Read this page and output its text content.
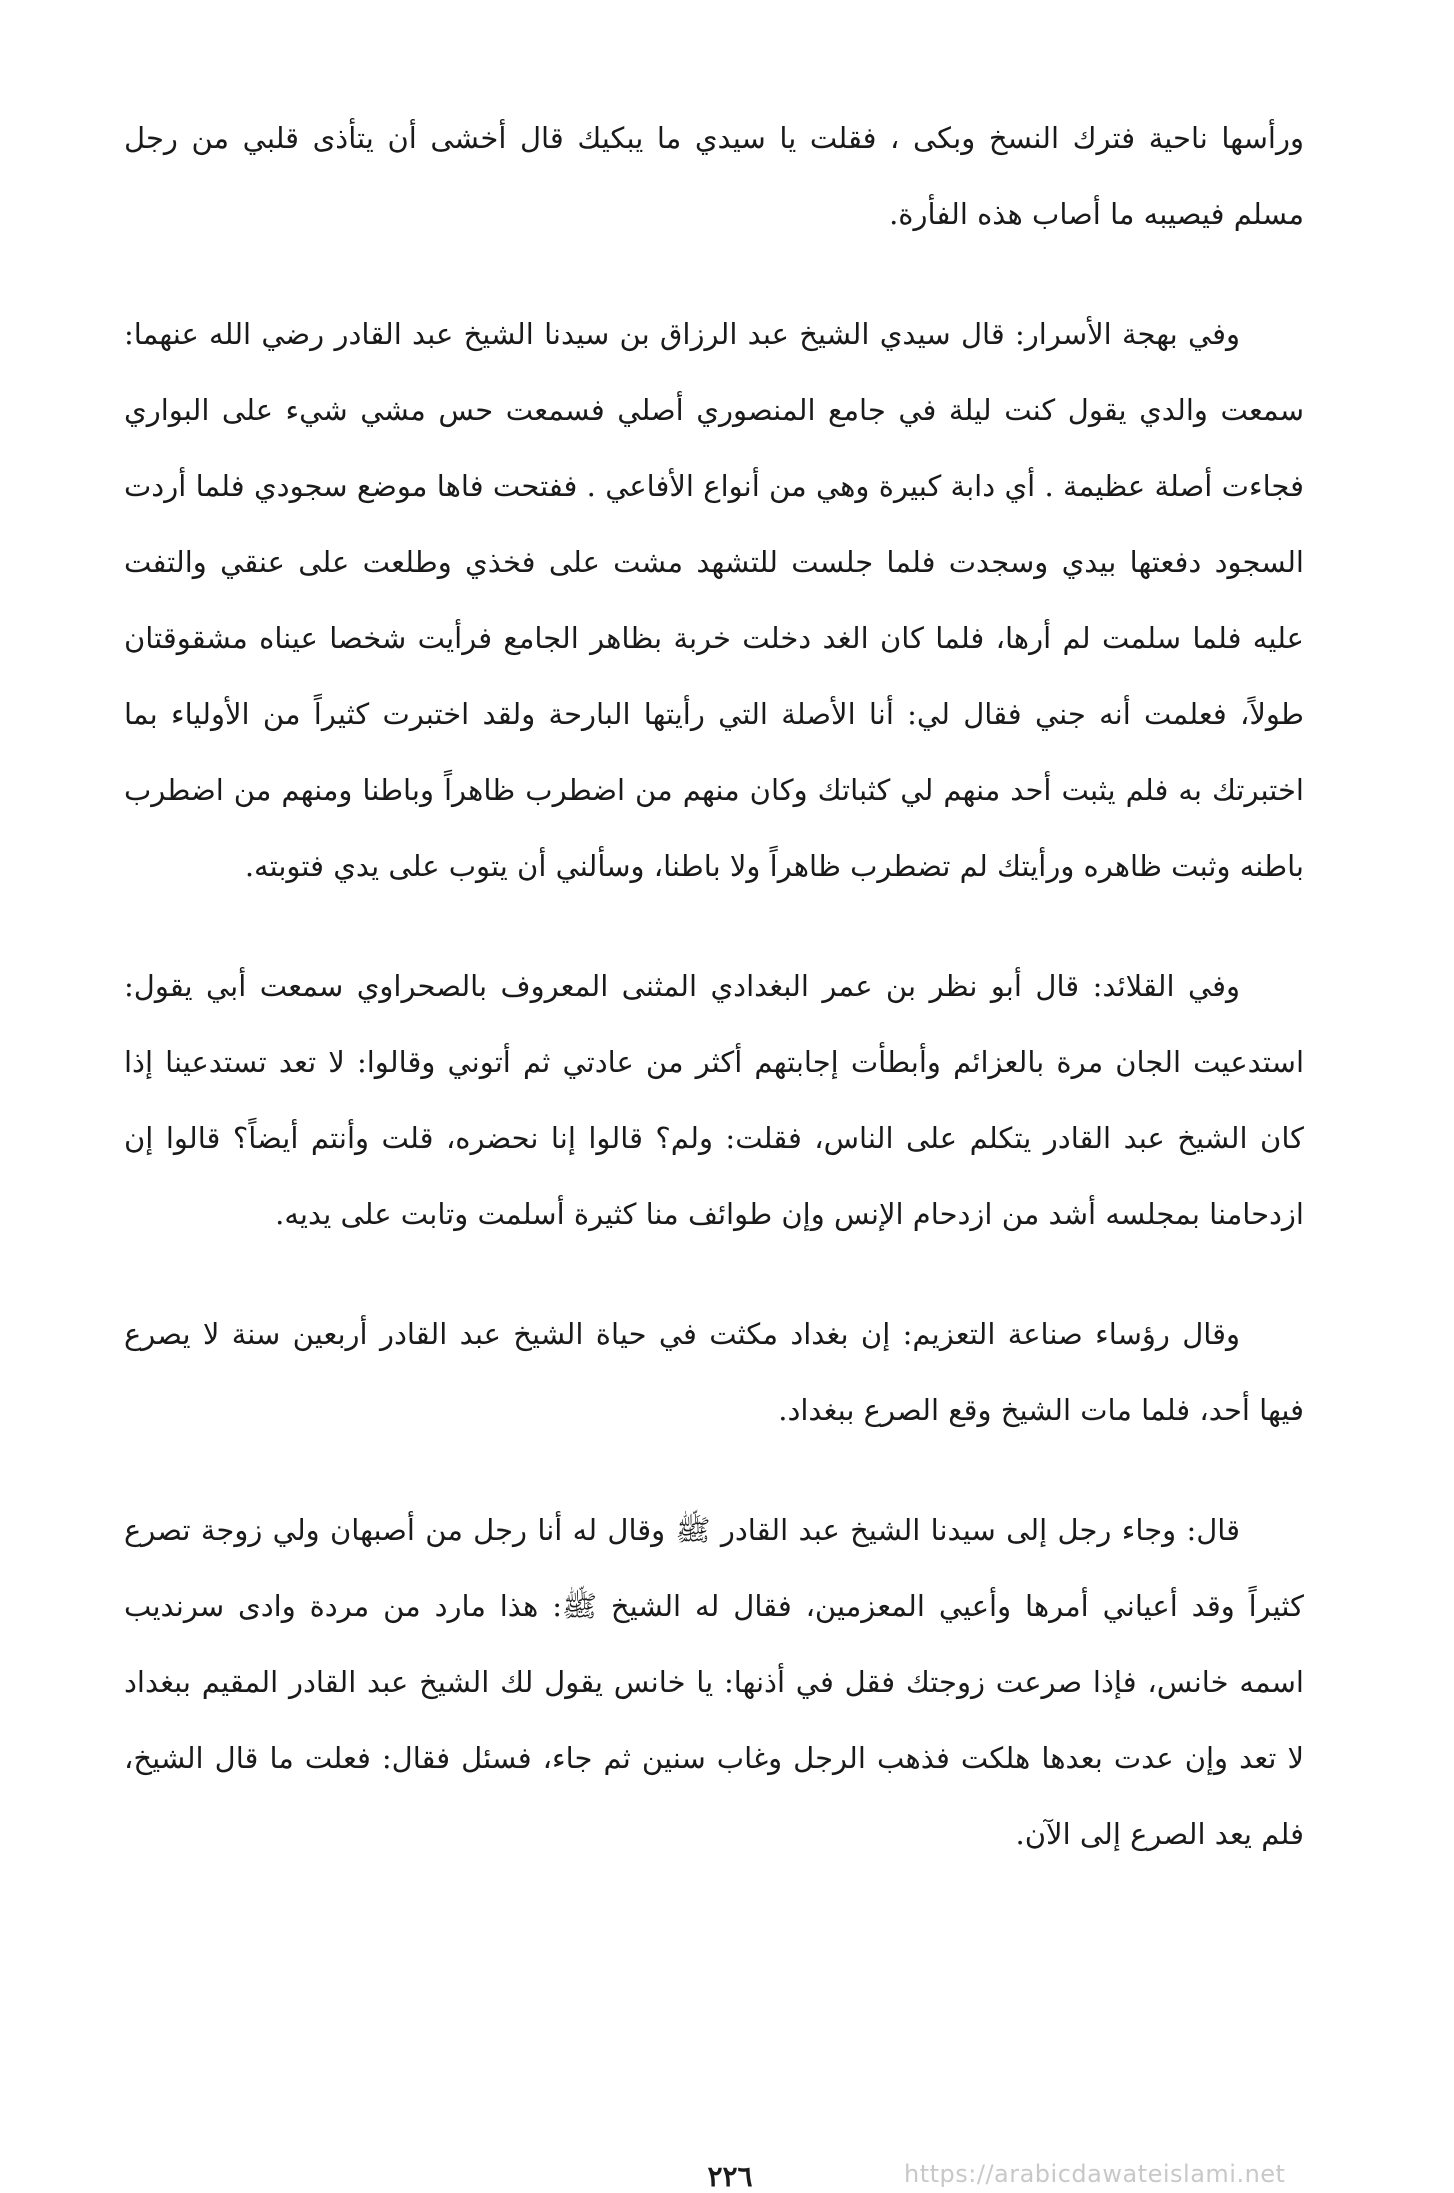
ورأسها ناحية فترك النسخ وبكى ، فقلت يا سيدي ما يبكيك قال أخشى أن يتأذى قلبي من رجل مسلم فيصيبه ما أصاب هذه الفأرة.

وفي بهجة الأسرار: قال سيدي الشيخ عبد الرزاق بن سيدنا الشيخ عبد القادر رضي الله عنهما: سمعت والدي يقول كنت ليلة في جامع المنصوري أصلي فسمعت حس مشي شيء على البواري فجاءت أصلة عظيمة . أي دابة كبيرة وهي من أنواع الأفاعي . ففتحت فاها موضع سجودي فلما أردت السجود دفعتها بيدي وسجدت فلما جلست للتشهد مشت على فخذي وطلعت على عنقي والتفت عليه فلما سلمت لم أرها، فلما كان الغد دخلت خربة بظاهر الجامع فرأيت شخصا عيناه مشقوقتان طولاً، فعلمت أنه جني فقال لي: أنا الأصلة التي رأيتها البارحة ولقد اختبرت كثيراً من الأولياء بما اختبرتك به فلم يثبت أحد منهم لي كثباتك وكان منهم من اضطرب ظاهراً وباطنا ومنهم من اضطرب باطنه وثبت ظاهره ورأيتك لم تضطرب ظاهراً ولا باطنا، وسألني أن يتوب على يدي فتوبته.

وفي القلائد: قال أبو نظر بن عمر البغدادي المثنى المعروف بالصحراوي سمعت أبي يقول: استدعيت الجان مرة بالعزائم وأبطأت إجابتهم أكثر من عادتي ثم أتوني وقالوا: لا تعد تستدعينا إذا كان الشيخ عبد القادر يتكلم على الناس، فقلت: ولم؟ قالوا إنا نحضره، قلت وأنتم أيضاً؟ قالوا إن ازدحامنا بمجلسه أشد من ازدحام الإنس وإن طوائف منا كثيرة أسلمت وتابت على يديه.

وقال رؤساء صناعة التعزيم: إن بغداد مكثت في حياة الشيخ عبد القادر أربعين سنة لا يصرع فيها أحد، فلما مات الشيخ وقع الصرع ببغداد.

قال: وجاء رجل إلى سيدنا الشيخ عبد القادر ﷺ وقال له أنا رجل من أصبهان ولي زوجة تصرع كثيراً وقد أعياني أمرها وأعيي المعزمين، فقال له الشيخ ﷺ: هذا مارد من مردة وادى سرنديب اسمه خانس، فإذا صرعت زوجتك فقل في أذنها: يا خانس يقول لك الشيخ عبد القادر المقيم ببغداد لا تعد وإن عدت بعدها هلكت فذهب الرجل وغاب سنين ثم جاء، فسئل فقال: فعلت ما قال الشيخ، فلم يعد الصرع إلى الآن.

٢٢٦	https://arabicdawateislami.net
